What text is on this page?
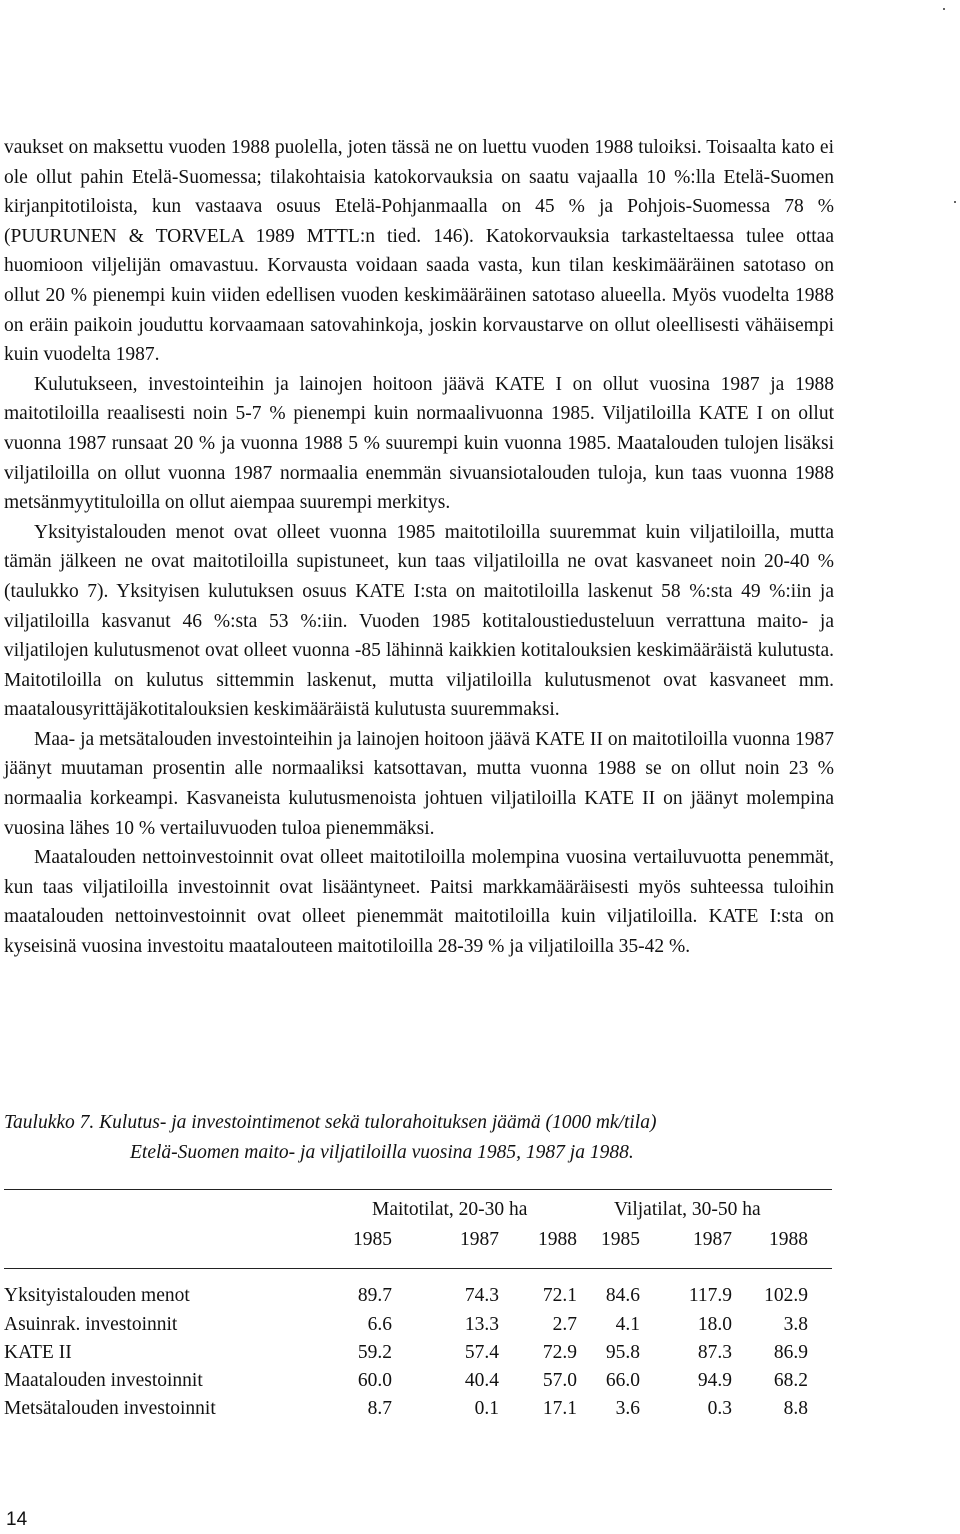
vaukset on maksettu vuoden 1988 puolella, joten tässä ne on luettu vuoden 1988 tuloiksi. Toisaalta kato ei ole ollut pahin Etelä-Suomessa; tilakohtaisia katokorvauksia on saatu vajaalla 10 %:lla Etelä-Suomen kirjanpitotiloista, kun vastaava osuus Etelä-Pohjanmaalla on 45 % ja Pohjois-Suomessa 78 % (PUURUNEN & TORVELA 1989 MTTL:n tied. 146). Katokorvauksia tarkasteltaessa tulee ottaa huomioon viljelijän omavastuu. Korvausta voidaan saada vasta, kun tilan keskimääräinen satotaso on ollut 20 % pienempi kuin viiden edellisen vuoden keskimääräinen satotaso alueella. Myös vuodelta 1988 on eräin paikoin jouduttu korvaamaan satovahinkoja, joskin korvaustarve on ollut oleellisesti vähäisempi kuin vuodelta 1987.

Kulutukseen, investointeihin ja lainojen hoitoon jäävä KATE I on ollut vuosina 1987 ja 1988 maitotiloilla reaalisesti noin 5-7 % pienempi kuin normaalivuonna 1985. Viljatiloilla KATE I on ollut vuonna 1987 runsaat 20 % ja vuonna 1988 5 % suurempi kuin vuonna 1985. Maatalouden tulojen lisäksi viljatiloilla on ollut vuonna 1987 normaalia enemmän sivuansiotalouden tuloja, kun taas vuonna 1988 metsänmyytituloilla on ollut aiempaa suurempi merkitys.

Yksityistalouden menot ovat olleet vuonna 1985 maitotiloilla suuremmat kuin viljatiloilla, mutta tämän jälkeen ne ovat maitotiloilla supistuneet, kun taas viljatiloilla ne ovat kasvaneet noin 20-40 % (taulukko 7). Yksityisen kulutuksen osuus KATE I:sta on maitotiloilla laskenut 58 %:sta 49 %:iin ja viljatiloilla kasvanut 46 %:sta 53 %:iin. Vuoden 1985 kotitaloustiedusteluun verrattuna maito- ja viljatilojen kulutusmenot ovat olleet vuonna -85 lähinnä kaikkien kotitalouksien keskimääräistä kulutusta. Maitotiloilla on kulutus sittemmin laskenut, mutta viljatiloilla kulutusmenot ovat kasvaneet mm. maatalousyrittäjäkotitalouksien keskimääräistä kulutusta suuremmaksi.

Maa- ja metsätalouden investointeihin ja lainojen hoitoon jäävä KATE II on maitotiloilla vuonna 1987 jäänyt muutaman prosentin alle normaaliksi katsottavan, mutta vuonna 1988 se on ollut noin 23 % normaalia korkeampi. Kasvaneista kulutusmenoista johtuen viljatiloilla KATE II on jäänyt molempina vuosina lähes 10 % vertailuvuoden tuloa pienemmäksi.

Maatalouden nettoinvestoinnit ovat olleet maitotiloilla molempina vuosina vertailuvuotta penemmät, kun taas viljatiloilla investoinnit ovat lisääntyneet. Paitsi markkamääräisesti myös suhteessa tuloihin maatalouden nettoinvestoinnit ovat olleet pienemmät maitotiloilla kuin viljatiloilla. KATE I:sta on kyseisinä vuosina investoitu maatalouteen maitotiloilla 28-39 % ja viljatiloilla 35-42 %.

Taulukko 7. Kulutus- ja investointimenot sekä tulorahoituksen jäämä (1000 mk/tila)
Etelä-Suomen maito- ja viljatiloilla vuosina 1985, 1987 ja 1988.
Maitotilat, 20-30 ha	Viljatilat, 30-50 ha
1985	1987	1988	1985	1987	1988
Yksityistalouden menot	89.7	74.3	72.1	84.6	117.9	102.9
Asuinrak. investoinnit	6.6	13.3	2.7	4.1	18.0	3.8
KATE II	59.2	57.4	72.9	95.8	87.3	86.9
Maatalouden investoinnit	60.0	40.4	57.0	66.0	94.9	68.2
Metsätalouden investoinnit	8.7	0.1	17.1	3.6	0.3	8.8
14
